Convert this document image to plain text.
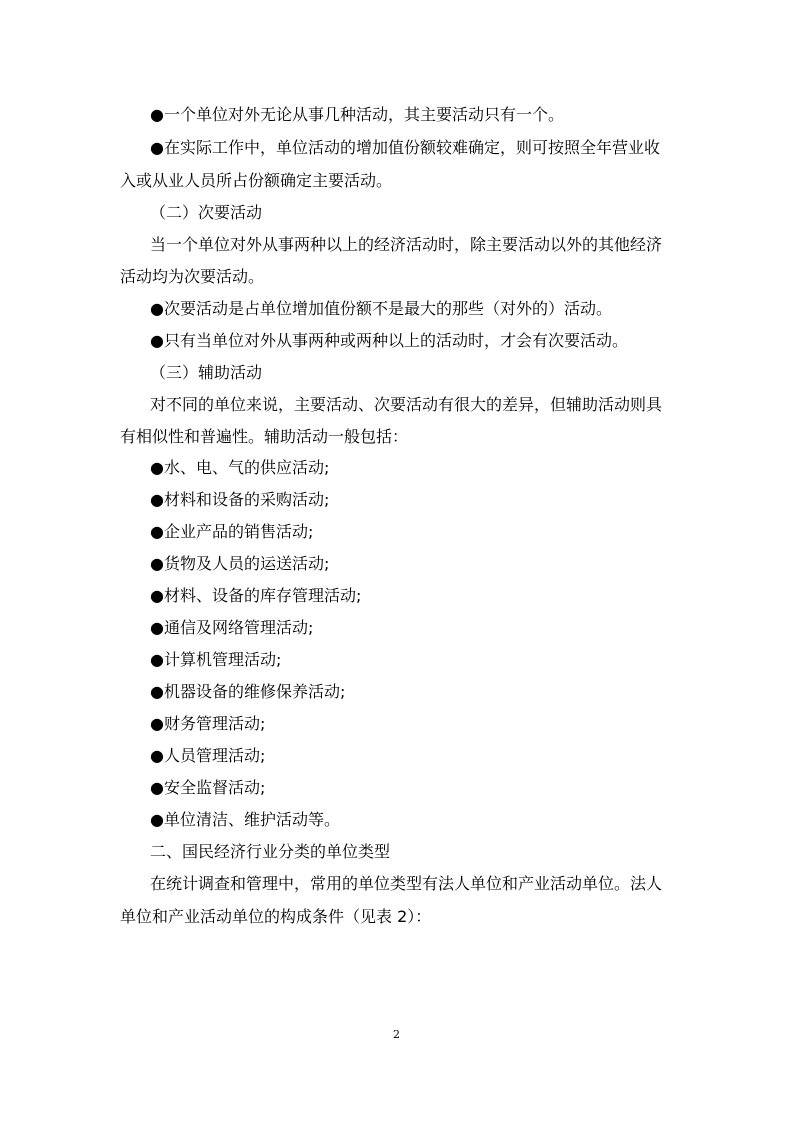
●一个单位对外无论从事几种活动，其主要活动只有一个。
●在实际工作中，单位活动的增加值份额较难确定，则可按照全年营业收
入或从业人员所占份额确定主要活动。
（二）次要活动
当一个单位对外从事两种以上的经济活动时，除主要活动以外的其他经济
活动均为次要活动。
●次要活动是占单位增加值份额不是最大的那些（对外的）活动。
●只有当单位对外从事两种或两种以上的活动时，才会有次要活动。
（三）辅助活动
对不同的单位来说，主要活动、次要活动有很大的差异，但辅助活动则具
有相似性和普遍性。辅助活动一般包括：
●水、电、气的供应活动;
●材料和设备的采购活动;
●企业产品的销售活动;
●货物及人员的运送活动;
●材料、设备的库存管理活动;
●通信及网络管理活动;
●计算机管理活动;
●机器设备的维修保养活动;
●财务管理活动;
●人员管理活动;
●安全监督活动;
●单位清洁、维护活动等。
二、国民经济行业分类的单位类型
在统计调查和管理中，常用的单位类型有法人单位和产业活动单位。法人
单位和产业活动单位的构成条件（见表 2）：
2
